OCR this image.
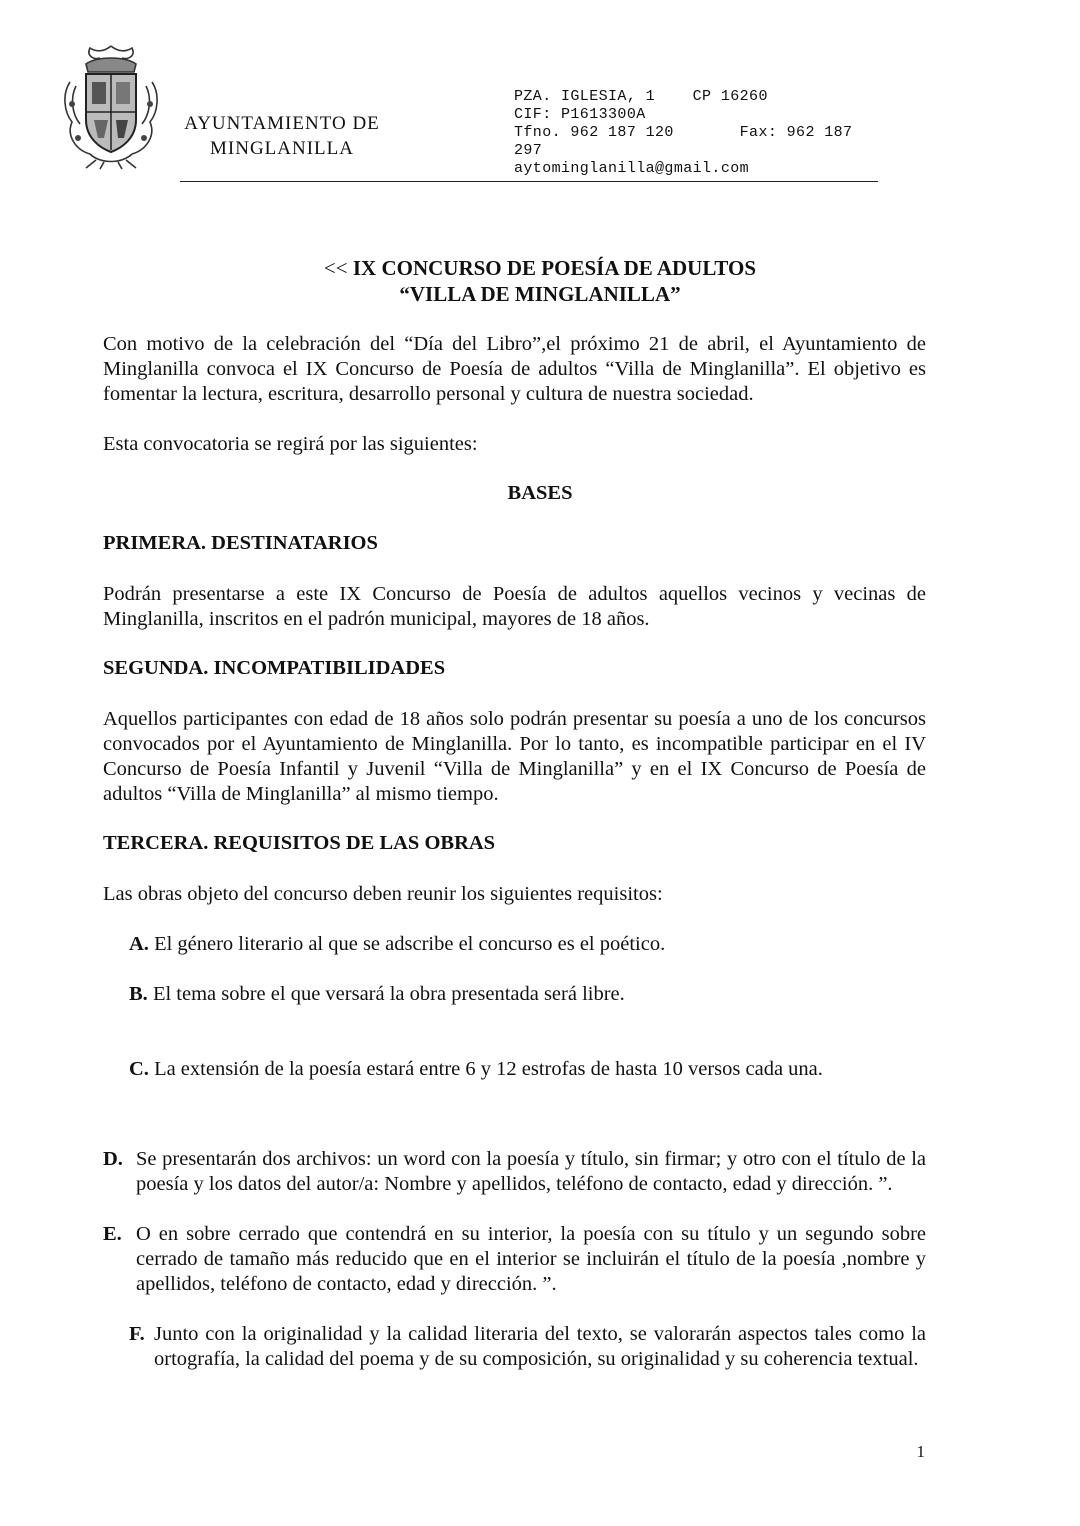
AYUNTAMIENTO DE
MINGLANILLA
PZA. IGLESIA, 1    CP 16260
CIF: P1613300A
Tfno. 962 187 120       Fax: 962 187
297
aytominglanilla@gmail.com
<< IX CONCURSO DE POESÍA DE ADULTOS
“VILLA DE MINGLANILLA”
Con motivo de la celebración del “Día del Libro”,el próximo 21 de abril, el Ayuntamiento de Minglanilla convoca el IX Concurso de Poesía de adultos “Villa de Minglanilla”. El objetivo es fomentar la lectura, escritura, desarrollo personal y cultura de nuestra sociedad.
Esta convocatoria se regirá por las siguientes:
BASES
PRIMERA. DESTINATARIOS
Podrán presentarse a este IX Concurso de Poesía de adultos aquellos vecinos y vecinas de Minglanilla, inscritos en el padrón municipal, mayores de 18 años.
SEGUNDA. INCOMPATIBILIDADES
Aquellos participantes con edad de 18 años solo podrán presentar su poesía a uno de los concursos convocados por el Ayuntamiento de Minglanilla. Por lo tanto, es incompatible participar en el IV Concurso de Poesía Infantil y Juvenil “Villa de Minglanilla” y en el IX Concurso de Poesía de adultos “Villa de Minglanilla” al mismo tiempo.
TERCERA. REQUISITOS DE LAS OBRAS
Las obras objeto del concurso deben reunir los siguientes requisitos:
A. El género literario al que se adscribe el concurso es el poético.
B. El tema sobre el que versará la obra presentada será libre.
C. La extensión de la poesía estará entre 6 y 12 estrofas de hasta 10 versos cada una.
D. Se presentarán dos archivos: un word con la poesía y título, sin firmar; y otro con el título de la poesía y los datos del autor/a: Nombre y apellidos, teléfono de contacto, edad y dirección. ”.
E. O en sobre cerrado que contendrá en su interior, la poesía con su título y un segundo sobre cerrado de tamaño más reducido que en el interior se incluirán el título de la poesía ,nombre y apellidos, teléfono de contacto, edad y dirección. ”.
F. Junto con la originalidad y la calidad literaria del texto, se valorarán aspectos tales como la ortografía, la calidad del poema y de su composición, su originalidad y su coherencia textual.
1
